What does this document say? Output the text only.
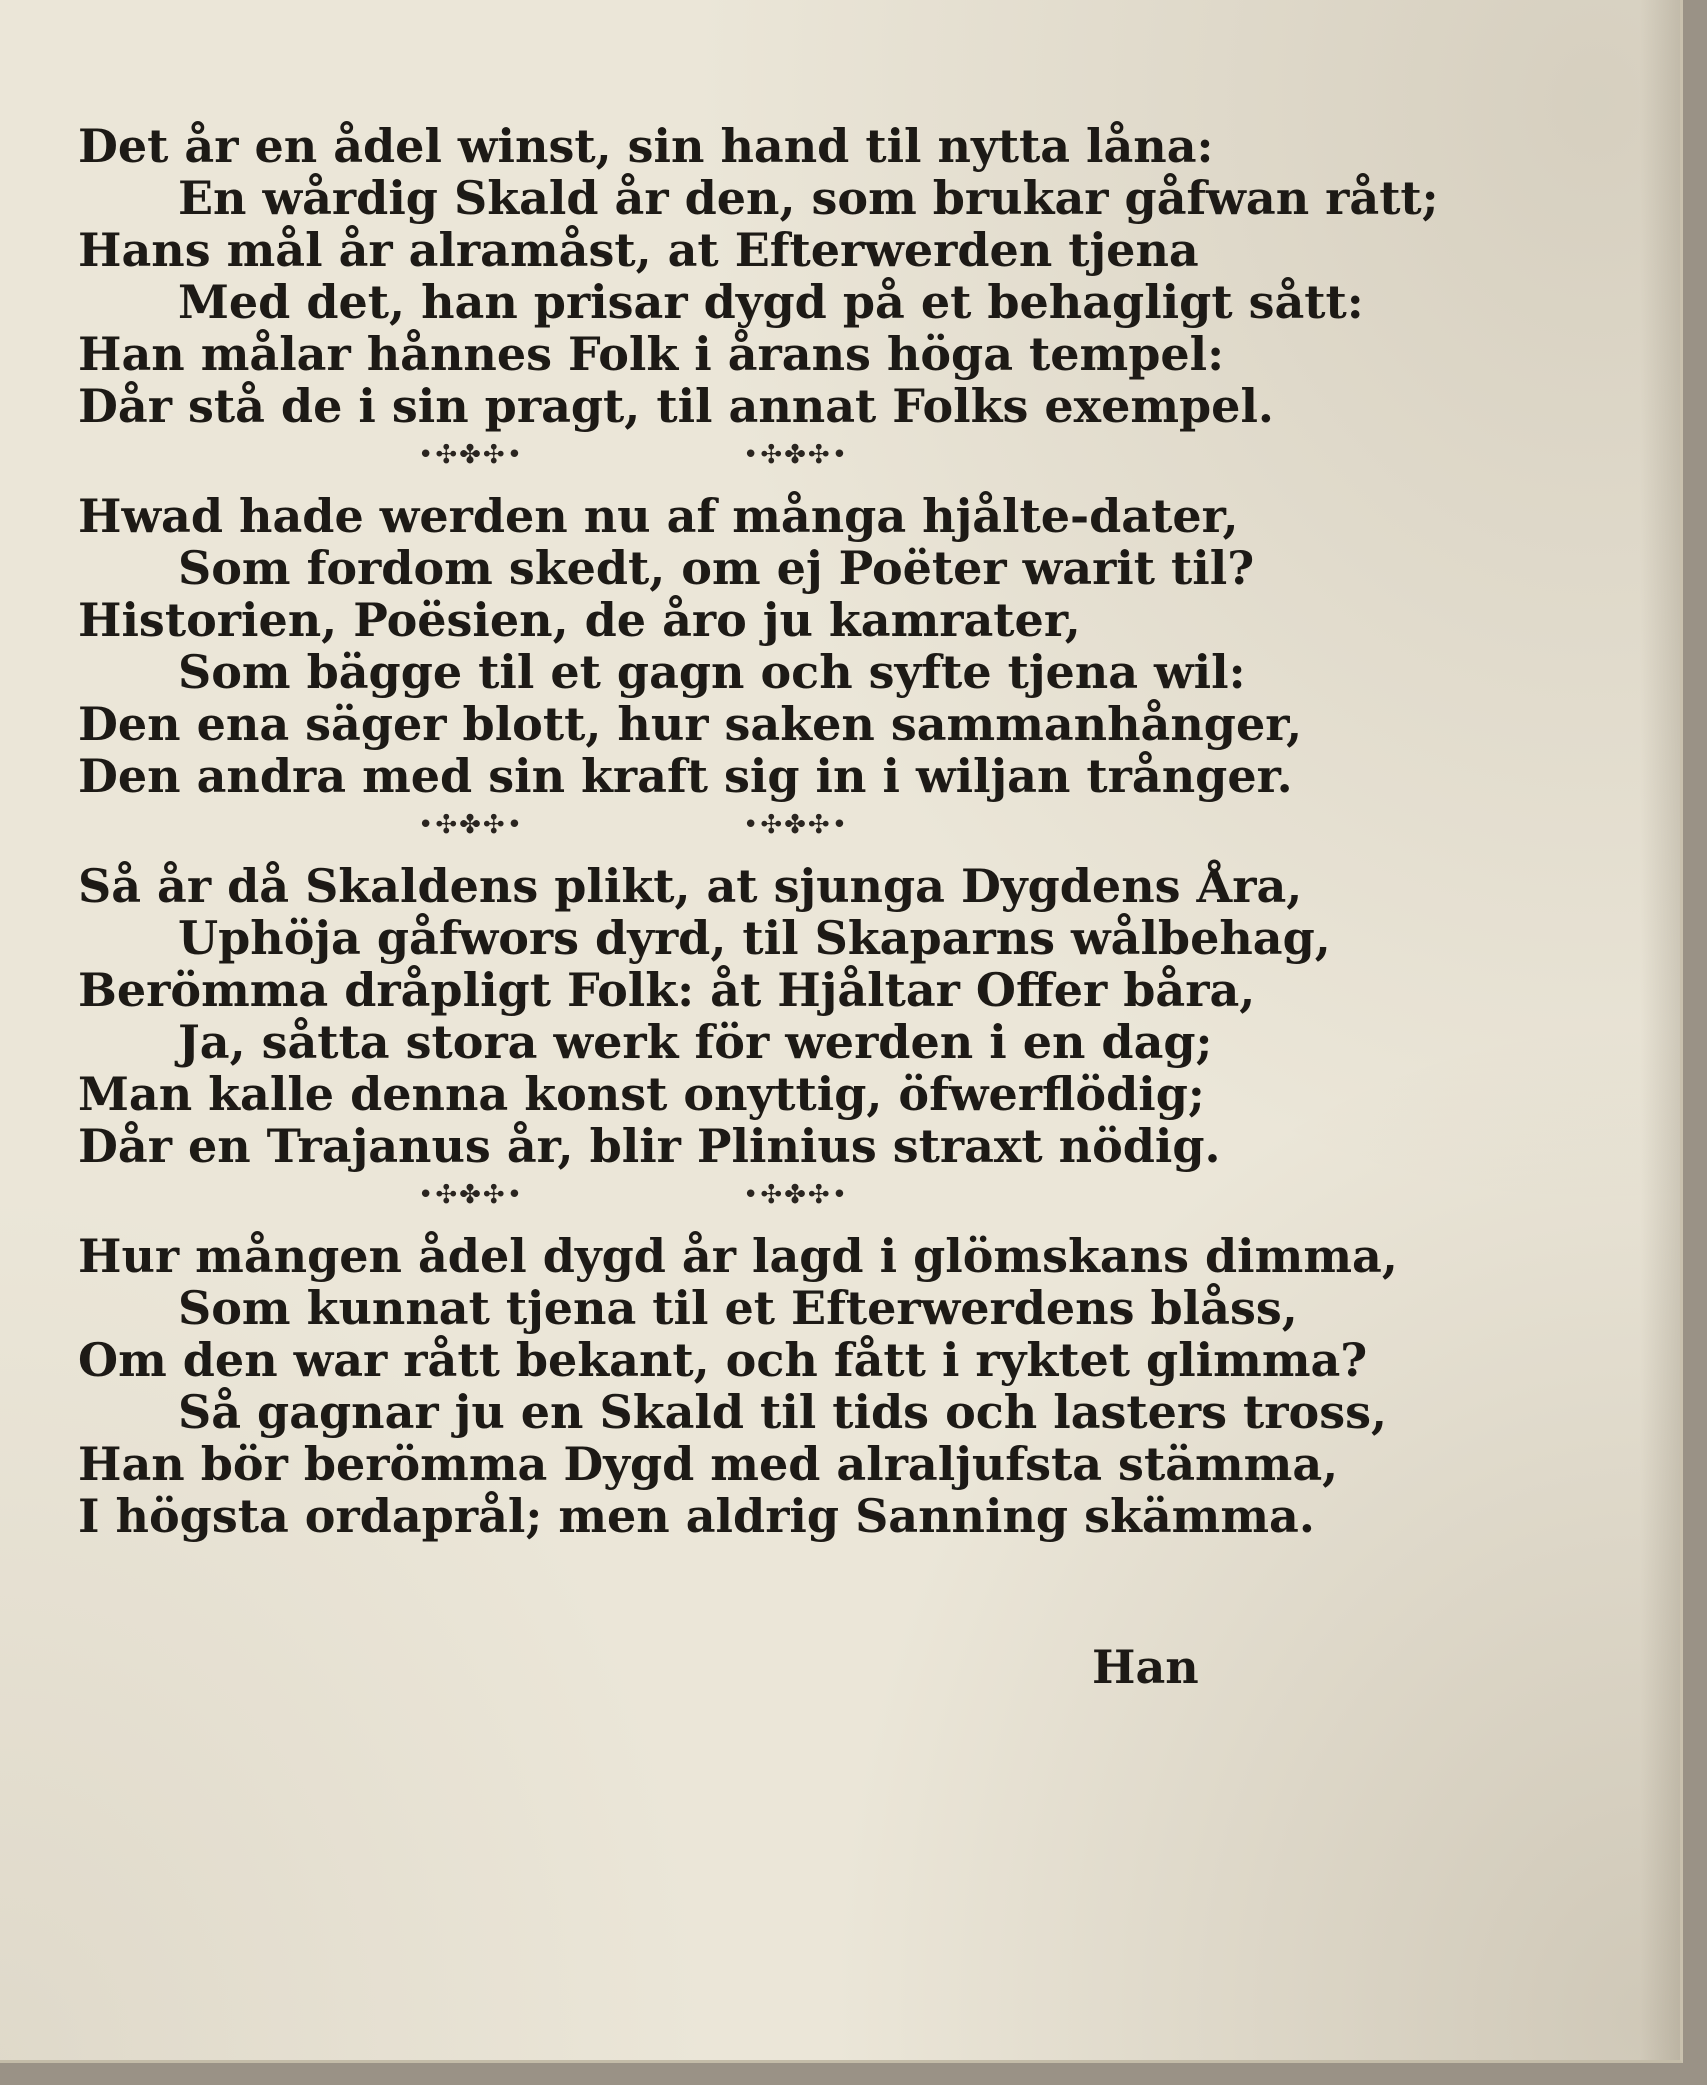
Det år en ådel winst, sin hand til nytta låna:
En wårdig Skald år den, som brukar gåfwan rått;
Hans mål år alramåst, at Efterwerden tjena
Med det, han prisar dygd på et behagligt sått:
Han målar hånnes Folk i årans höga tempel:
Dår stå de i sin pragt, til annat Folks exempel.
•✣✤✣•	•✣✤✣•
Hwad hade werden nu af många hjålte-dater,
Som fordom skedt, om ej Poëter warit til?
Historien, Poësien, de åro ju kamrater,
Som bägge til et gagn och syfte tjena wil:
Den ena säger blott, hur saken sammanhånger,
Den andra med sin kraft sig in i wiljan trånger.
•✣✤✣•	•✣✤✣•
Så år då Skaldens plikt, at sjunga Dygdens Åra,
Uphöja gåfwors dyrd, til Skaparns wålbehag,
Berömma dråpligt Folk: åt Hjåltar Offer båra,
Ja, såtta stora werk för werden i en dag;
Man kalle denna konst onyttig, öfwerflödig;
Dår en Trajanus år, blir Plinius straxt nödig.
•✣✤✣•	•✣✤✣•
Hur mången ådel dygd år lagd i glömskans dimma,
Som kunnat tjena til et Efterwerdens blåss,
Om den war rått bekant, och fått i ryktet glimma?
Så gagnar ju en Skald til tids och lasters tross,
Han bör berömma Dygd med alraljufsta stämma,
I högsta ordaprål; men aldrig Sanning skämma.
Han
